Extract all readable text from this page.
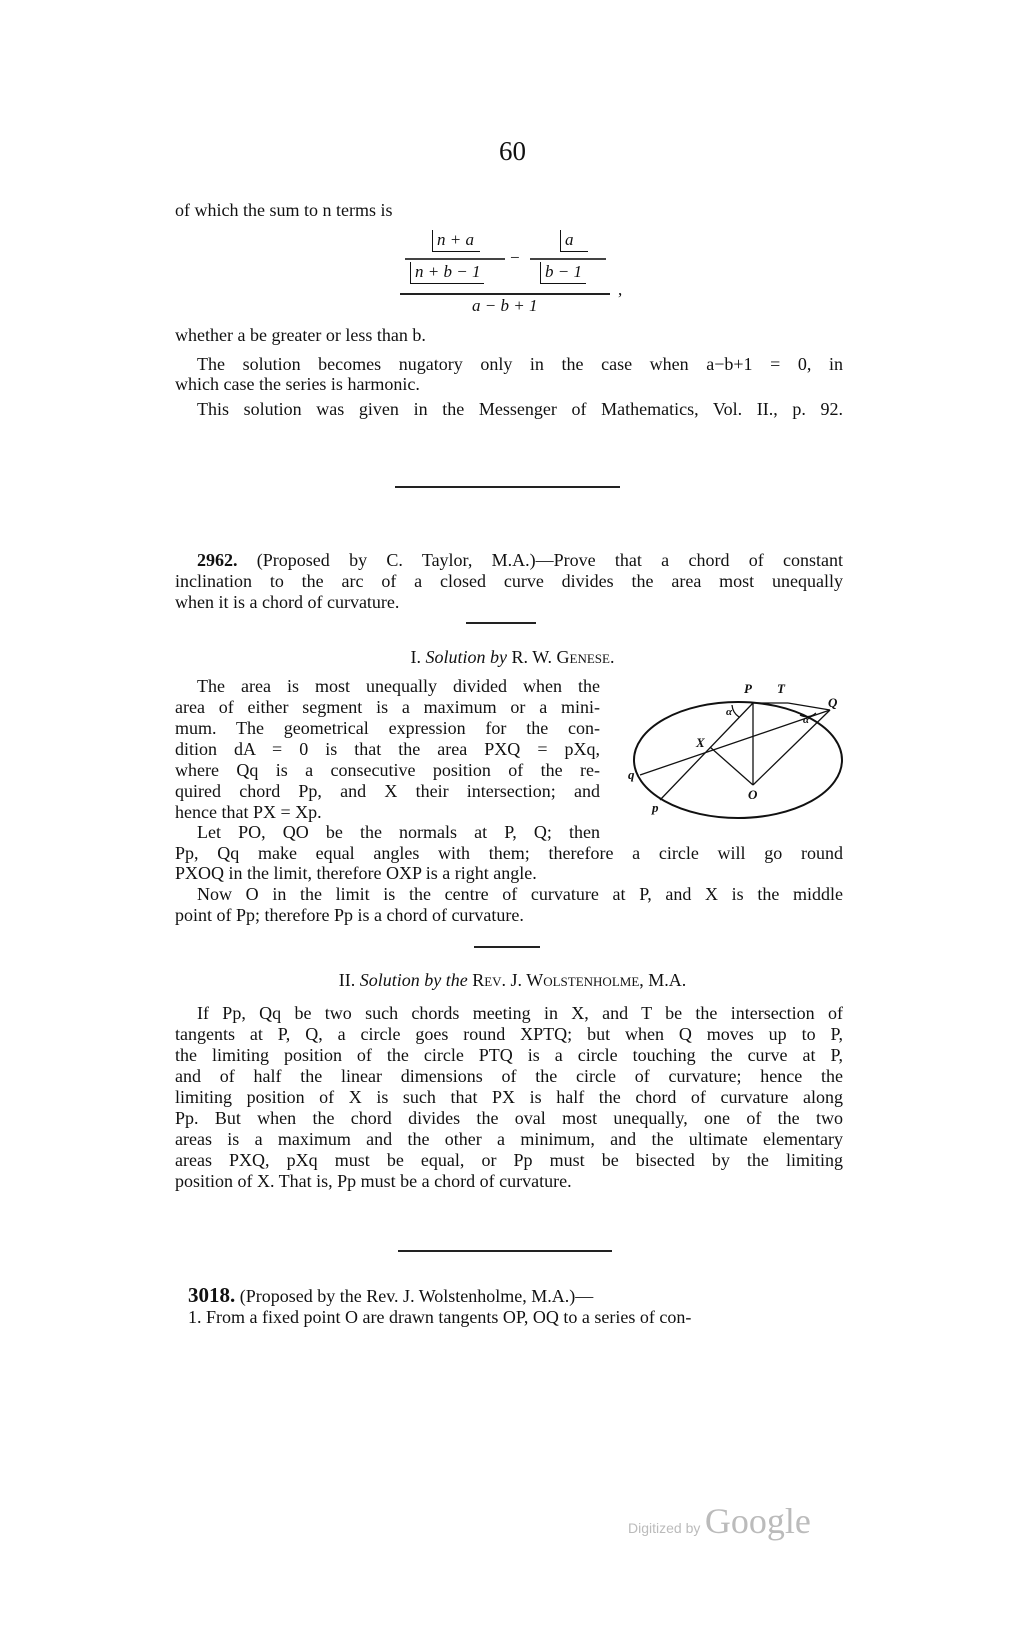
60
of which the sum to n terms is
n + a
n + b − 1
−
a
b − 1
a − b + 1
,
whether a be greater or less than b.
The solution becomes nugatory only in the case when a−b+1 = 0, in
which case the series is harmonic.
This solution was given in the Messenger of Mathematics, Vol. II., p. 92.
2962. (Proposed by C. Taylor, M.A.)—Prove that a chord of constant
inclination to the arc of a closed curve divides the area most unequally
when it is a chord of curvature.
I. Solution by R. W. Genese.
The area is most unequally divided when the
area of either segment is a maximum or a mini-
mum. The geometrical expression for the con-
dition dA = 0 is that the area PXQ = pXq,
where Qq is a consecutive position of the re-
quired chord Pp, and X their intersection; and
hence that PX = Xp.
Let PO, QO be the normals at P, Q; then
Pp, Qq make equal angles with them; therefore a circle will go round
PXOQ in the limit, therefore OXP is a right angle.
Now O in the limit is the centre of curvature at P, and X is the middle
point of Pp; therefore Pp is a chord of curvature.
P T
Q
X
q
p
O
α
α
II. Solution by the Rev. J. Wolstenholme, M.A.
If Pp, Qq be two such chords meeting in X, and T be the intersection of
tangents at P, Q, a circle goes round XPTQ; but when Q moves up to P,
the limiting position of the circle PTQ is a circle touching the curve at P,
and of half the linear dimensions of the circle of curvature; hence the
limiting position of X is such that PX is half the chord of curvature along
Pp. But when the chord divides the oval most unequally, one of the two
areas is a maximum and the other a minimum, and the ultimate elementary
areas PXQ, pXq must be equal, or Pp must be bisected by the limiting
position of X. That is, Pp must be a chord of curvature.
3018. (Proposed by the Rev. J. Wolstenholme, M.A.)—
1. From a fixed point O are drawn tangents OP, OQ to a series of con-
Digitized by Google
